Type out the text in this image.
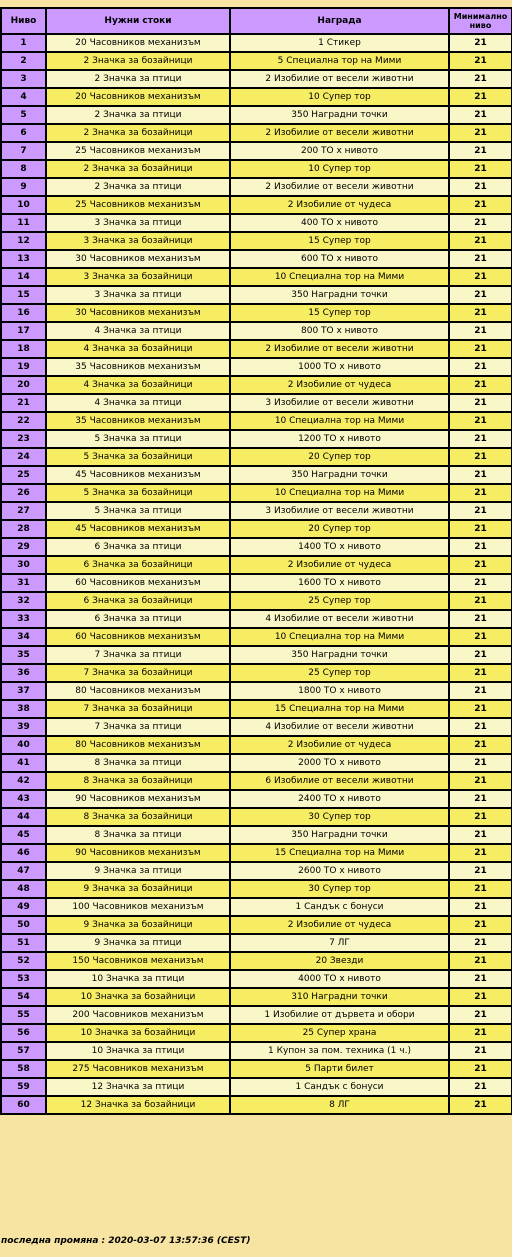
Ниво	Нужни стоки	Награда	Минимално ниво
1	20 Часовников механизъм	1 Стикер	21
2	2 Значка за бозайници	5 Специална тор на Мими	21
3	2 Значка за птици	2 Изобилие от весели животни	21
4	20 Часовников механизъм	10 Супер тор	21
5	2 Значка за птици	350 Наградни точки	21
6	2 Значка за бозайници	2 Изобилие от весели животни	21
7	25 Часовников механизъм	200 ТО x нивото	21
8	2 Значка за бозайници	10 Супер тор	21
9	2 Значка за птици	2 Изобилие от весели животни	21
10	25 Часовников механизъм	2 Изобилие от чудеса	21
11	3 Значка за птици	400 ТО x нивото	21
12	3 Значка за бозайници	15 Супер тор	21
13	30 Часовников механизъм	600 ТО x нивото	21
14	3 Значка за бозайници	10 Специална тор на Мими	21
15	3 Значка за птици	350 Наградни точки	21
16	30 Часовников механизъм	15 Супер тор	21
17	4 Значка за птици	800 ТО x нивото	21
18	4 Значка за бозайници	2 Изобилие от весели животни	21
19	35 Часовников механизъм	1000 ТО x нивото	21
20	4 Значка за бозайници	2 Изобилие от чудеса	21
21	4 Значка за птици	3 Изобилие от весели животни	21
22	35 Часовников механизъм	10 Специална тор на Мими	21
23	5 Значка за птици	1200 ТО x нивото	21
24	5 Значка за бозайници	20 Супер тор	21
25	45 Часовников механизъм	350 Наградни точки	21
26	5 Значка за бозайници	10 Специална тор на Мими	21
27	5 Значка за птици	3 Изобилие от весели животни	21
28	45 Часовников механизъм	20 Супер тор	21
29	6 Значка за птици	1400 ТО x нивото	21
30	6 Значка за бозайници	2 Изобилие от чудеса	21
31	60 Часовников механизъм	1600 ТО x нивото	21
32	6 Значка за бозайници	25 Супер тор	21
33	6 Значка за птици	4 Изобилие от весели животни	21
34	60 Часовников механизъм	10 Специална тор на Мими	21
35	7 Значка за птици	350 Наградни точки	21
36	7 Значка за бозайници	25 Супер тор	21
37	80 Часовников механизъм	1800 ТО x нивото	21
38	7 Значка за бозайници	15 Специална тор на Мими	21
39	7 Значка за птици	4 Изобилие от весели животни	21
40	80 Часовников механизъм	2 Изобилие от чудеса	21
41	8 Значка за птици	2000 ТО x нивото	21
42	8 Значка за бозайници	6 Изобилие от весели животни	21
43	90 Часовников механизъм	2400 ТО x нивото	21
44	8 Значка за бозайници	30 Супер тор	21
45	8 Значка за птици	350 Наградни точки	21
46	90 Часовников механизъм	15 Специална тор на Мими	21
47	9 Значка за птици	2600 ТО x нивото	21
48	9 Значка за бозайници	30 Супер тор	21
49	100 Часовников механизъм	1 Сандък с бонуси	21
50	9 Значка за бозайници	2 Изобилие от чудеса	21
51	9 Значка за птици	7 ЛГ	21
52	150 Часовников механизъм	20 Звезди	21
53	10 Значка за птици	4000 ТО x нивото	21
54	10 Значка за бозайници	310 Наградни точки	21
55	200 Часовников механизъм	1 Изобилие от дървета и обори	21
56	10 Значка за бозайници	25 Супер храна	21
57	10 Значка за птици	1 Купон за пом. техника (1 ч.)	21
58	275 Часовников механизъм	5 Парти билет	21
59	12 Значка за птици	1 Сандък с бонуси	21
60	12 Значка за бозайници	8 ЛГ	21
последна промяна : 2020-03-07 13:57:36 (CEST)
